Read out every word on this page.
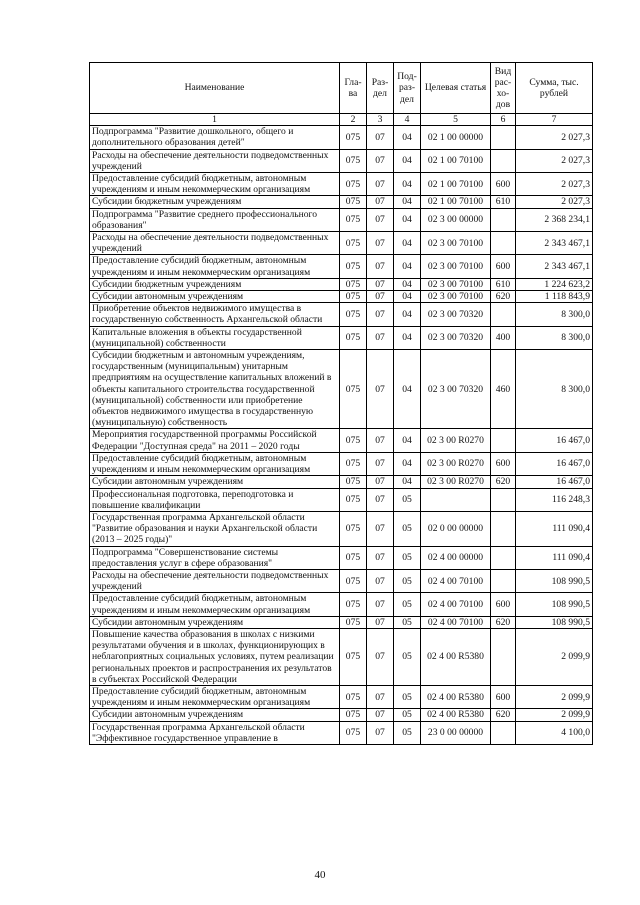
Наименование	Гла-ва	Раз-дел	Под-раз-дел	Целевая статья	Вид рас-хо-дов	Сумма, тыс. рублей
1	2	3	4	5	6	7
Подпрограмма "Развитие дошкольного, общего и дополнительного образования детей"	075	07	04	02 1 00 00000		2 027,3
Расходы на обеспечение деятельности подведомственных учреждений	075	07	04	02 1 00 70100		2 027,3
Предоставление субсидий бюджетным, автономным учреждениям и иным некоммерческим организациям	075	07	04	02 1 00 70100	600	2 027,3
Субсидии бюджетным учреждениям	075	07	04	02 1 00 70100	610	2 027,3
Подпрограмма "Развитие среднего профессионального образования"	075	07	04	02 3 00 00000		2 368 234,1
Расходы на обеспечение деятельности подведомственных учреждений	075	07	04	02 3 00 70100		2 343 467,1
Предоставление субсидий бюджетным, автономным учреждениям и иным некоммерческим организациям	075	07	04	02 3 00 70100	600	2 343 467,1
Субсидии бюджетным учреждениям	075	07	04	02 3 00 70100	610	1 224 623,2
Субсидии автономным учреждениям	075	07	04	02 3 00 70100	620	1 118 843,9
Приобретение объектов недвижимого имущества в государственную собственность Архангельской области	075	07	04	02 3 00 70320		8 300,0
Капитальные вложения в объекты государственной (муниципальной) собственности	075	07	04	02 3 00 70320	400	8 300,0
Субсидии бюджетным и автономным учреждениям, государственным (муниципальным) унитарным предприятиям на осуществление капитальных вложений в объекты капитального строительства государственной (муниципальной) собственности или приобретение объектов недвижимого имущества в государственную (муниципальную) собственность	075	07	04	02 3 00 70320	460	8 300,0
Мероприятия государственной программы Российской Федерации "Доступная среда" на 2011 – 2020 годы	075	07	04	02 3 00 R0270		16 467,0
Предоставление субсидий бюджетным, автономным учреждениям и иным некоммерческим организациям	075	07	04	02 3 00 R0270	600	16 467,0
Субсидии автономным учреждениям	075	07	04	02 3 00 R0270	620	16 467,0
Профессиональная подготовка, переподготовка и повышение квалификации	075	07	05			116 248,3
Государственная программа Архангельской области "Развитие образования и науки Архангельской области (2013 – 2025 годы)"	075	07	05	02 0 00 00000		111 090,4
Подпрограмма "Совершенствование системы предоставления услуг в сфере образования"	075	07	05	02 4 00 00000		111 090,4
Расходы на обеспечение деятельности подведомственных учреждений	075	07	05	02 4 00 70100		108 990,5
Предоставление субсидий бюджетным, автономным учреждениям и иным некоммерческим организациям	075	07	05	02 4 00 70100	600	108 990,5
Субсидии автономным учреждениям	075	07	05	02 4 00 70100	620	108 990,5
Повышение качества образования в школах с низкими результатами обучения и в школах, функционирующих в неблагоприятных социальных условиях, путем реализации региональных проектов и распространения их результатов в субъектах Российской Федерации	075	07	05	02 4 00 R5380		2 099,9
Предоставление субсидий бюджетным, автономным учреждениям и иным некоммерческим организациям	075	07	05	02 4 00 R5380	600	2 099,9
Субсидии автономным учреждениям	075	07	05	02 4 00 R5380	620	2 099,9
Государственная программа Архангельской области "Эффективное государственное управление в	075	07	05	23 0 00 00000		4 100,0
40
